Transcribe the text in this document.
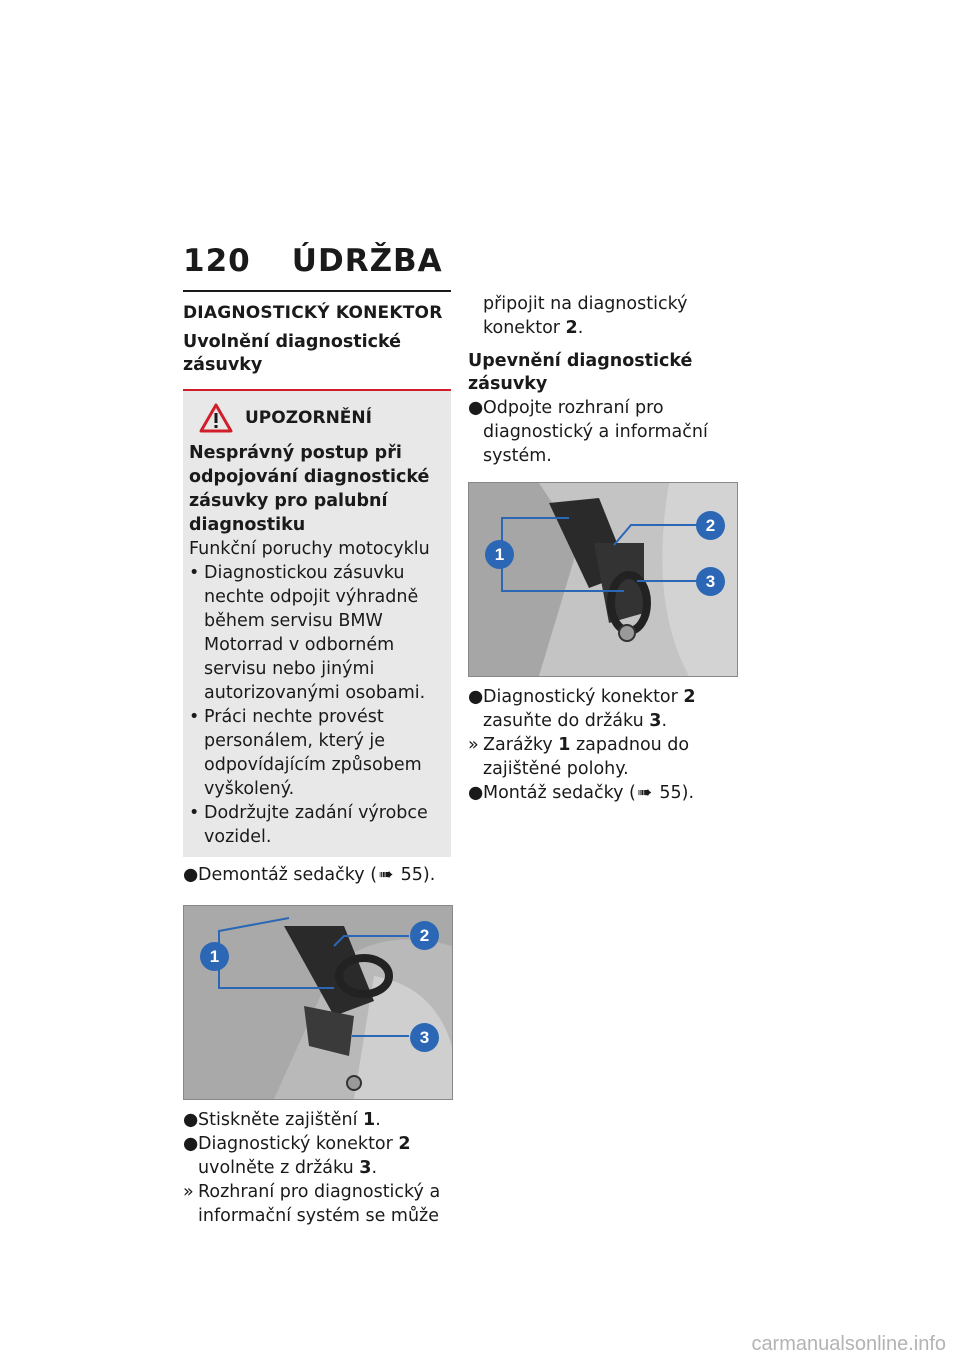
120 ÚDRŽBA
DIAGNOSTICKÝ KONEKTOR
Uvolnění diagnostické zásuvky
UPOZORNĚNÍ
Nesprávný postup při odpojování diagnostické zásuvky pro palubní diagnostiku
Funkční poruchy motocyklu
• Diagnostickou zásuvku nechte odpojit výhradně během servisu BMW Motorrad v odborném servisu nebo jinými autorizovanými osobami.
• Práci nechte provést personálem, který je odpovídajícím způsobem vyškolený.
• Dodržujte zadání výrobce vozidel.
● Demontáž sedačky (➠ 55).
1
2
3
● Stiskněte zajištění 1.
● Diagnostický konektor 2 uvolněte z držáku 3.
» Rozhraní pro diagnostický a informační systém se může
připojit na diagnostický konektor 2.
Upevnění diagnostické zásuvky
● Odpojte rozhraní pro diagnostický a informační systém.
1
2
3
● Diagnostický konektor 2 zasuňte do držáku 3.
» Zarážky 1 zapadnou do zajištěné polohy.
● Montáž sedačky (➠ 55).
carmanualsonline.info
